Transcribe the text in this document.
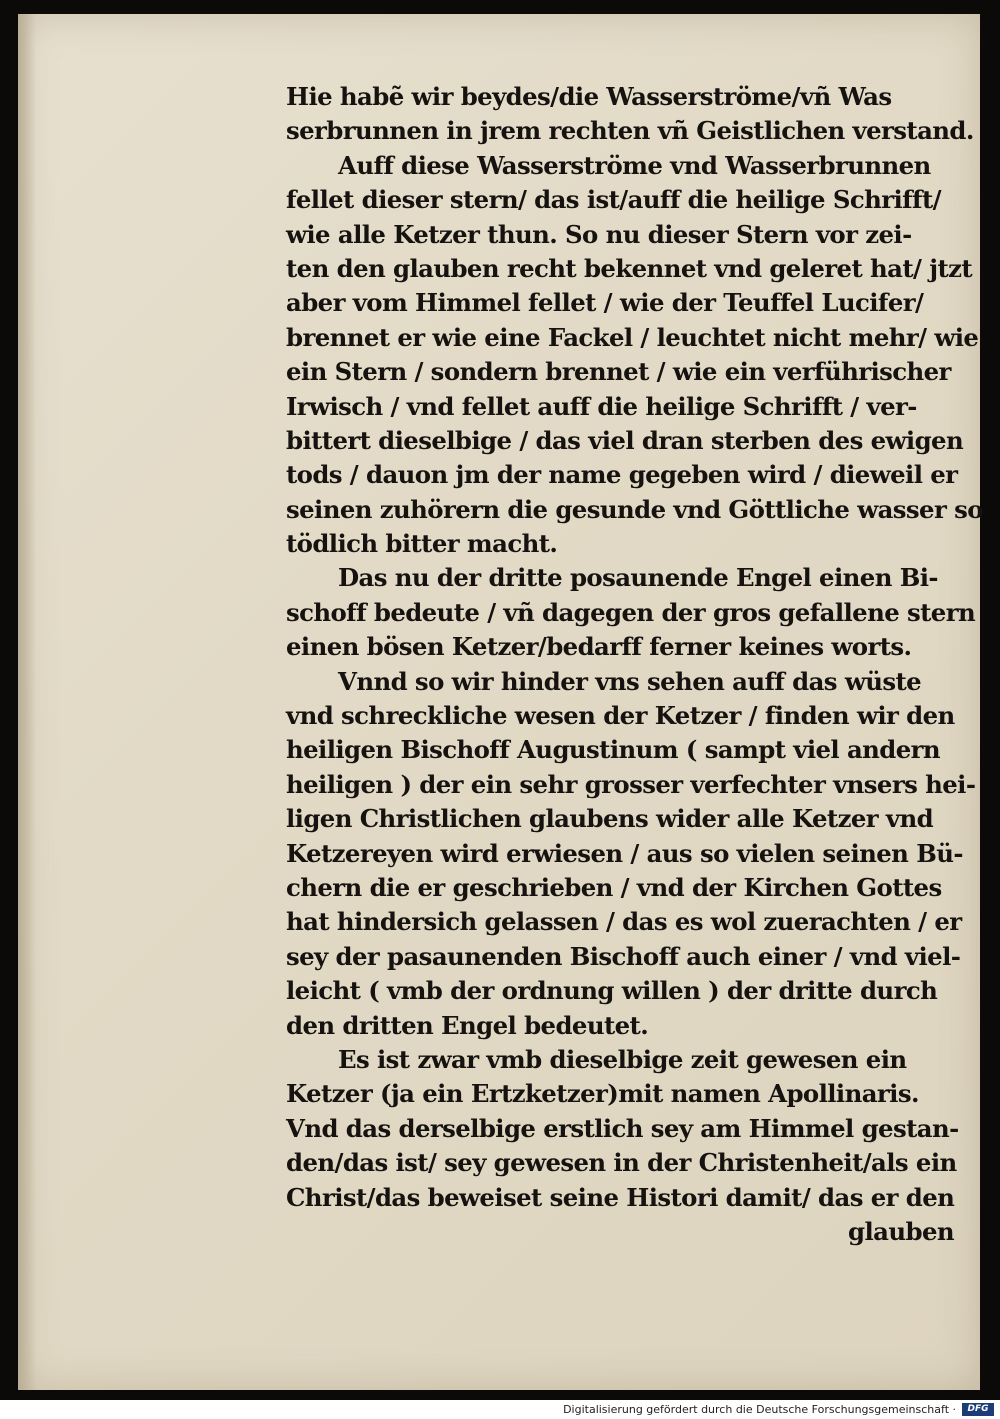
Hie habẽ wir beydes/die Wasserströme/vñ Was
serbrunnen in jrem rechten vñ Geistlichen verstand.
Auff diese Wasserströme vnd Wasserbrunnen
fellet dieser stern/ das ist/auff die heilige Schrifft/
wie alle Ketzer thun. So nu dieser Stern vor zei-
ten den glauben recht bekennet vnd geleret hat/ jtzt
aber vom Himmel fellet / wie der Teuffel Lucifer/
brennet er wie eine Fackel / leuchtet nicht mehr/ wie
ein Stern / sondern brennet / wie ein verführischer
Irwisch / vnd fellet auff die heilige Schrifft / ver-
bittert dieselbige / das viel dran sterben des ewigen
tods / dauon jm der name gegeben wird / dieweil er
seinen zuhörern die gesunde vnd Göttliche wasser so
tödlich bitter macht.
Das nu der dritte posaunende Engel einen Bi-
schoff bedeute / vñ dagegen der gros gefallene stern
einen bösen Ketzer/bedarff ferner keines worts.
Vnnd so wir hinder vns sehen auff das wüste
vnd schreckliche wesen der Ketzer / finden wir den
heiligen Bischoff Augustinum ( sampt viel andern
heiligen ) der ein sehr grosser verfechter vnsers hei-
ligen Christlichen glaubens wider alle Ketzer vnd
Ketzereyen wird erwiesen / aus so vielen seinen Bü-
chern die er geschrieben / vnd der Kirchen Gottes
hat hindersich gelassen / das es wol zuerachten / er
sey der pasaunenden Bischoff auch einer / vnd viel-
leicht ( vmb der ordnung willen ) der dritte durch
den dritten Engel bedeutet.
Es ist zwar vmb dieselbige zeit gewesen ein
Ketzer (ja ein Ertzketzer)mit namen Apollinaris.
Vnd das derselbige erstlich sey am Himmel gestan-
den/das ist/ sey gewesen in der Christenheit/als ein
Christ/das beweiset seine Histori damit/ das er den
glauben
Digitalisierung gefördert durch die Deutsche Forschungsgemeinschaft ·	DFG
